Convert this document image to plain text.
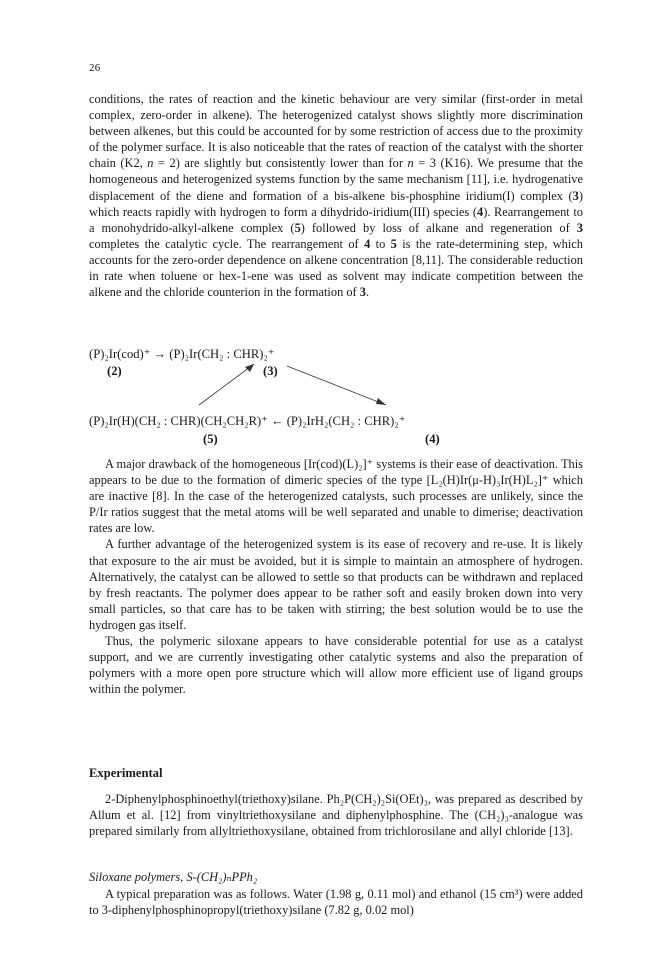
26

conditions, the rates of reaction and the kinetic behaviour are very similar (first-order in metal complex, zero-order in alkene). The heterogenized catalyst shows slightly more discrimination between alkenes, but this could be accounted for by some restriction of access due to the proximity of the polymer surface. It is also noticeable that the rates of reaction of the catalyst with the shorter chain (K2, n = 2) are slightly but consistently lower than for n = 3 (K16). We presume that the homogeneous and heterogenized systems function by the same mechanism [11], i.e. hydrogenative displacement of the diene and formation of a bis-alkene bis-phosphine iridium(I) complex (3) which reacts rapidly with hydrogen to form a dihydrido-iridium(III) species (4). Rearrangement to a monohydrido-alkyl-alkene complex (5) followed by loss of alkane and regeneration of 3 completes the catalytic cycle. The rearrangement of 4 to 5 is the rate-determining step, which accounts for the zero-order dependence on alkene concentration [8,11]. The considerable reduction in rate when toluene or hex-1-ene was used as solvent may indicate competition between the alkene and the chloride counterion in the formation of 3.

(P)₂Ir(cod)⁺ → (P)₂Ir(CH₂ : CHR)₂⁺
(2)	(3)
(P)₂Ir(H)(CH₂ : CHR)(CH₂CH₂R)⁺ ← (P)₂IrH₂(CH₂ : CHR)₂⁺
(5)	(4)

A major drawback of the homogeneous [Ir(cod)(L)₂]⁺ systems is their ease of deactivation. This appears to be due to the formation of dimeric species of the type [L₂(H)Ir(μ-H)₃Ir(H)L₂]⁺ which are inactive [8]. In the case of the heterogenized catalysts, such processes are unlikely, since the P/Ir ratios suggest that the metal atoms will be well separated and unable to dimerise; deactivation rates are low.

A further advantage of the heterogenized system is its ease of recovery and re-use. It is likely that exposure to the air must be avoided, but it is simple to maintain an atmosphere of hydrogen. Alternatively, the catalyst can be allowed to settle so that products can be withdrawn and replaced by fresh reactants. The polymer does appear to be rather soft and easily broken down into very small particles, so that care has to be taken with stirring; the best solution would be to use the hydrogen gas itself.

Thus, the polymeric siloxane appears to have considerable potential for use as a catalyst support, and we are currently investigating other catalytic systems and also the preparation of polymers with a more open pore structure which will allow more efficient use of ligand groups within the polymer.

Experimental

2-Diphenylphosphinoethyl(triethoxy)silane. Ph₂P(CH₂)₂Si(OEt)₃, was prepared as described by Allum et al. [12] from vinyltriethoxysilane and diphenylphosphine. The (CH₂)₃-analogue was prepared similarly from allyltriethoxysilane, obtained from trichlorosilane and allyl chloride [13].

Siloxane polymers, S-(CH₂)ₙPPh₂

A typical preparation was as follows. Water (1.98 g, 0.11 mol) and ethanol (15 cm³) were added to 3-diphenylphosphinopropyl(triethoxy)silane (7.82 g, 0.02 mol)
